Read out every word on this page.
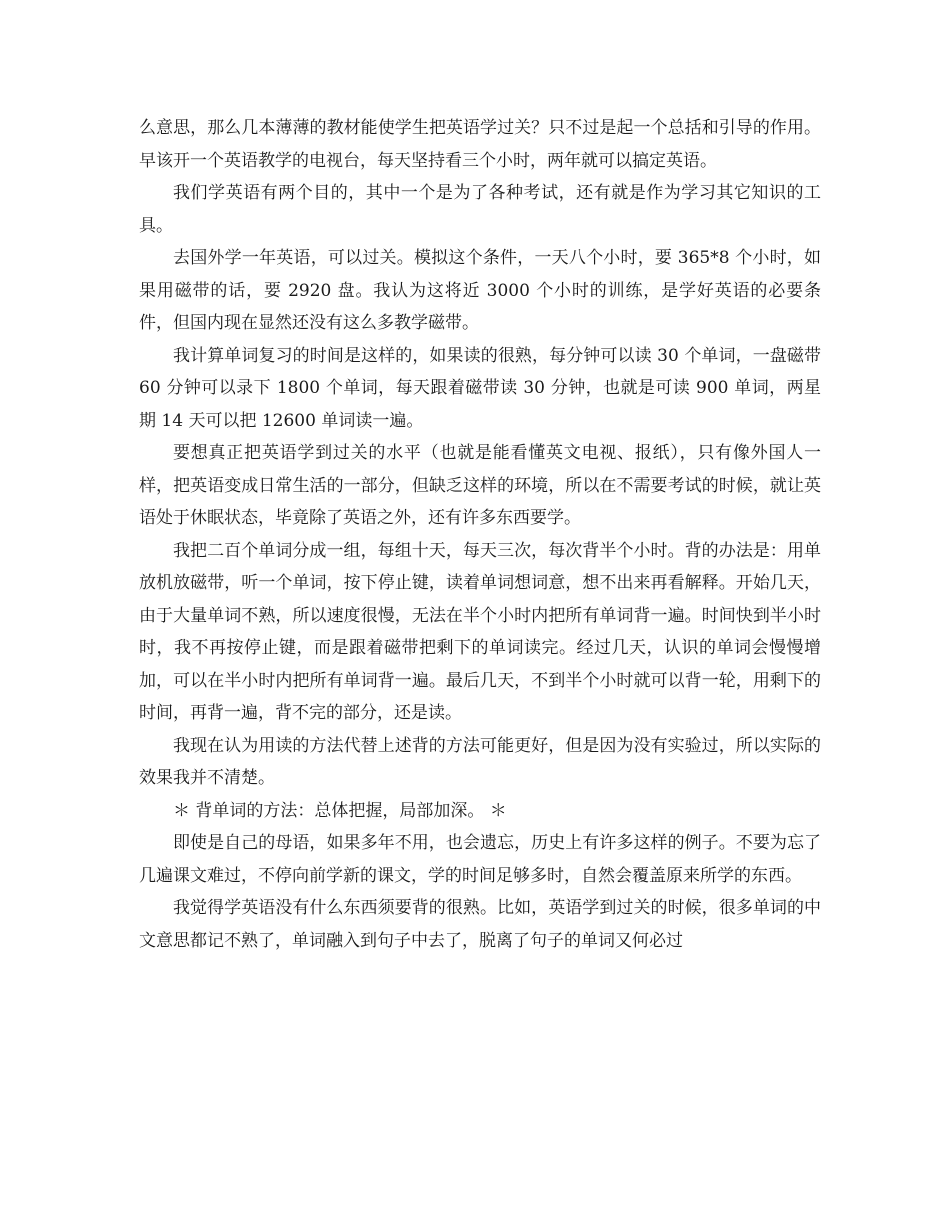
么意思，那么几本薄薄的教材能使学生把英语学过关？只不过是起一个总括和引导的作用。早该开一个英语教学的电视台，每天坚持看三个小时，两年就可以搞定英语。

我们学英语有两个目的，其中一个是为了各种考试，还有就是作为学习其它知识的工具。

去国外学一年英语，可以过关。模拟这个条件，一天八个小时，要 365*8 个小时，如果用磁带的话，要 2920 盘。我认为这将近 3000 个小时的训练，是学好英语的必要条件，但国内现在显然还没有这么多教学磁带。

我计算单词复习的时间是这样的，如果读的很熟，每分钟可以读 30 个单词，一盘磁带 60 分钟可以录下 1800 个单词，每天跟着磁带读 30 分钟，也就是可读 900 单词，两星期 14 天可以把 12600 单词读一遍。

要想真正把英语学到过关的水平（也就是能看懂英文电视、报纸），只有像外国人一样，把英语变成日常生活的一部分，但缺乏这样的环境，所以在不需要考试的时候，就让英语处于休眠状态，毕竟除了英语之外，还有许多东西要学。

我把二百个单词分成一组，每组十天，每天三次，每次背半个小时。背的办法是：用单放机放磁带，听一个单词，按下停止键，读着单词想词意，想不出来再看解释。开始几天，由于大量单词不熟，所以速度很慢，无法在半个小时内把所有单词背一遍。时间快到半小时时，我不再按停止键，而是跟着磁带把剩下的单词读完。经过几天，认识的单词会慢慢增加，可以在半小时内把所有单词背一遍。最后几天，不到半个小时就可以背一轮，用剩下的时间，再背一遍，背不完的部分，还是读。

我现在认为用读的方法代替上述背的方法可能更好，但是因为没有实验过，所以实际的效果我并不清楚。

＊ 背单词的方法：总体把握，局部加深。 ＊

即使是自己的母语，如果多年不用，也会遗忘，历史上有许多这样的例子。不要为忘了几遍课文难过，不停向前学新的课文，学的时间足够多时，自然会覆盖原来所学的东西。

我觉得学英语没有什么东西须要背的很熟。比如，英语学到过关的时候，很多单词的中文意思都记不熟了，单词融入到句子中去了，脱离了句子的单词又何必过
